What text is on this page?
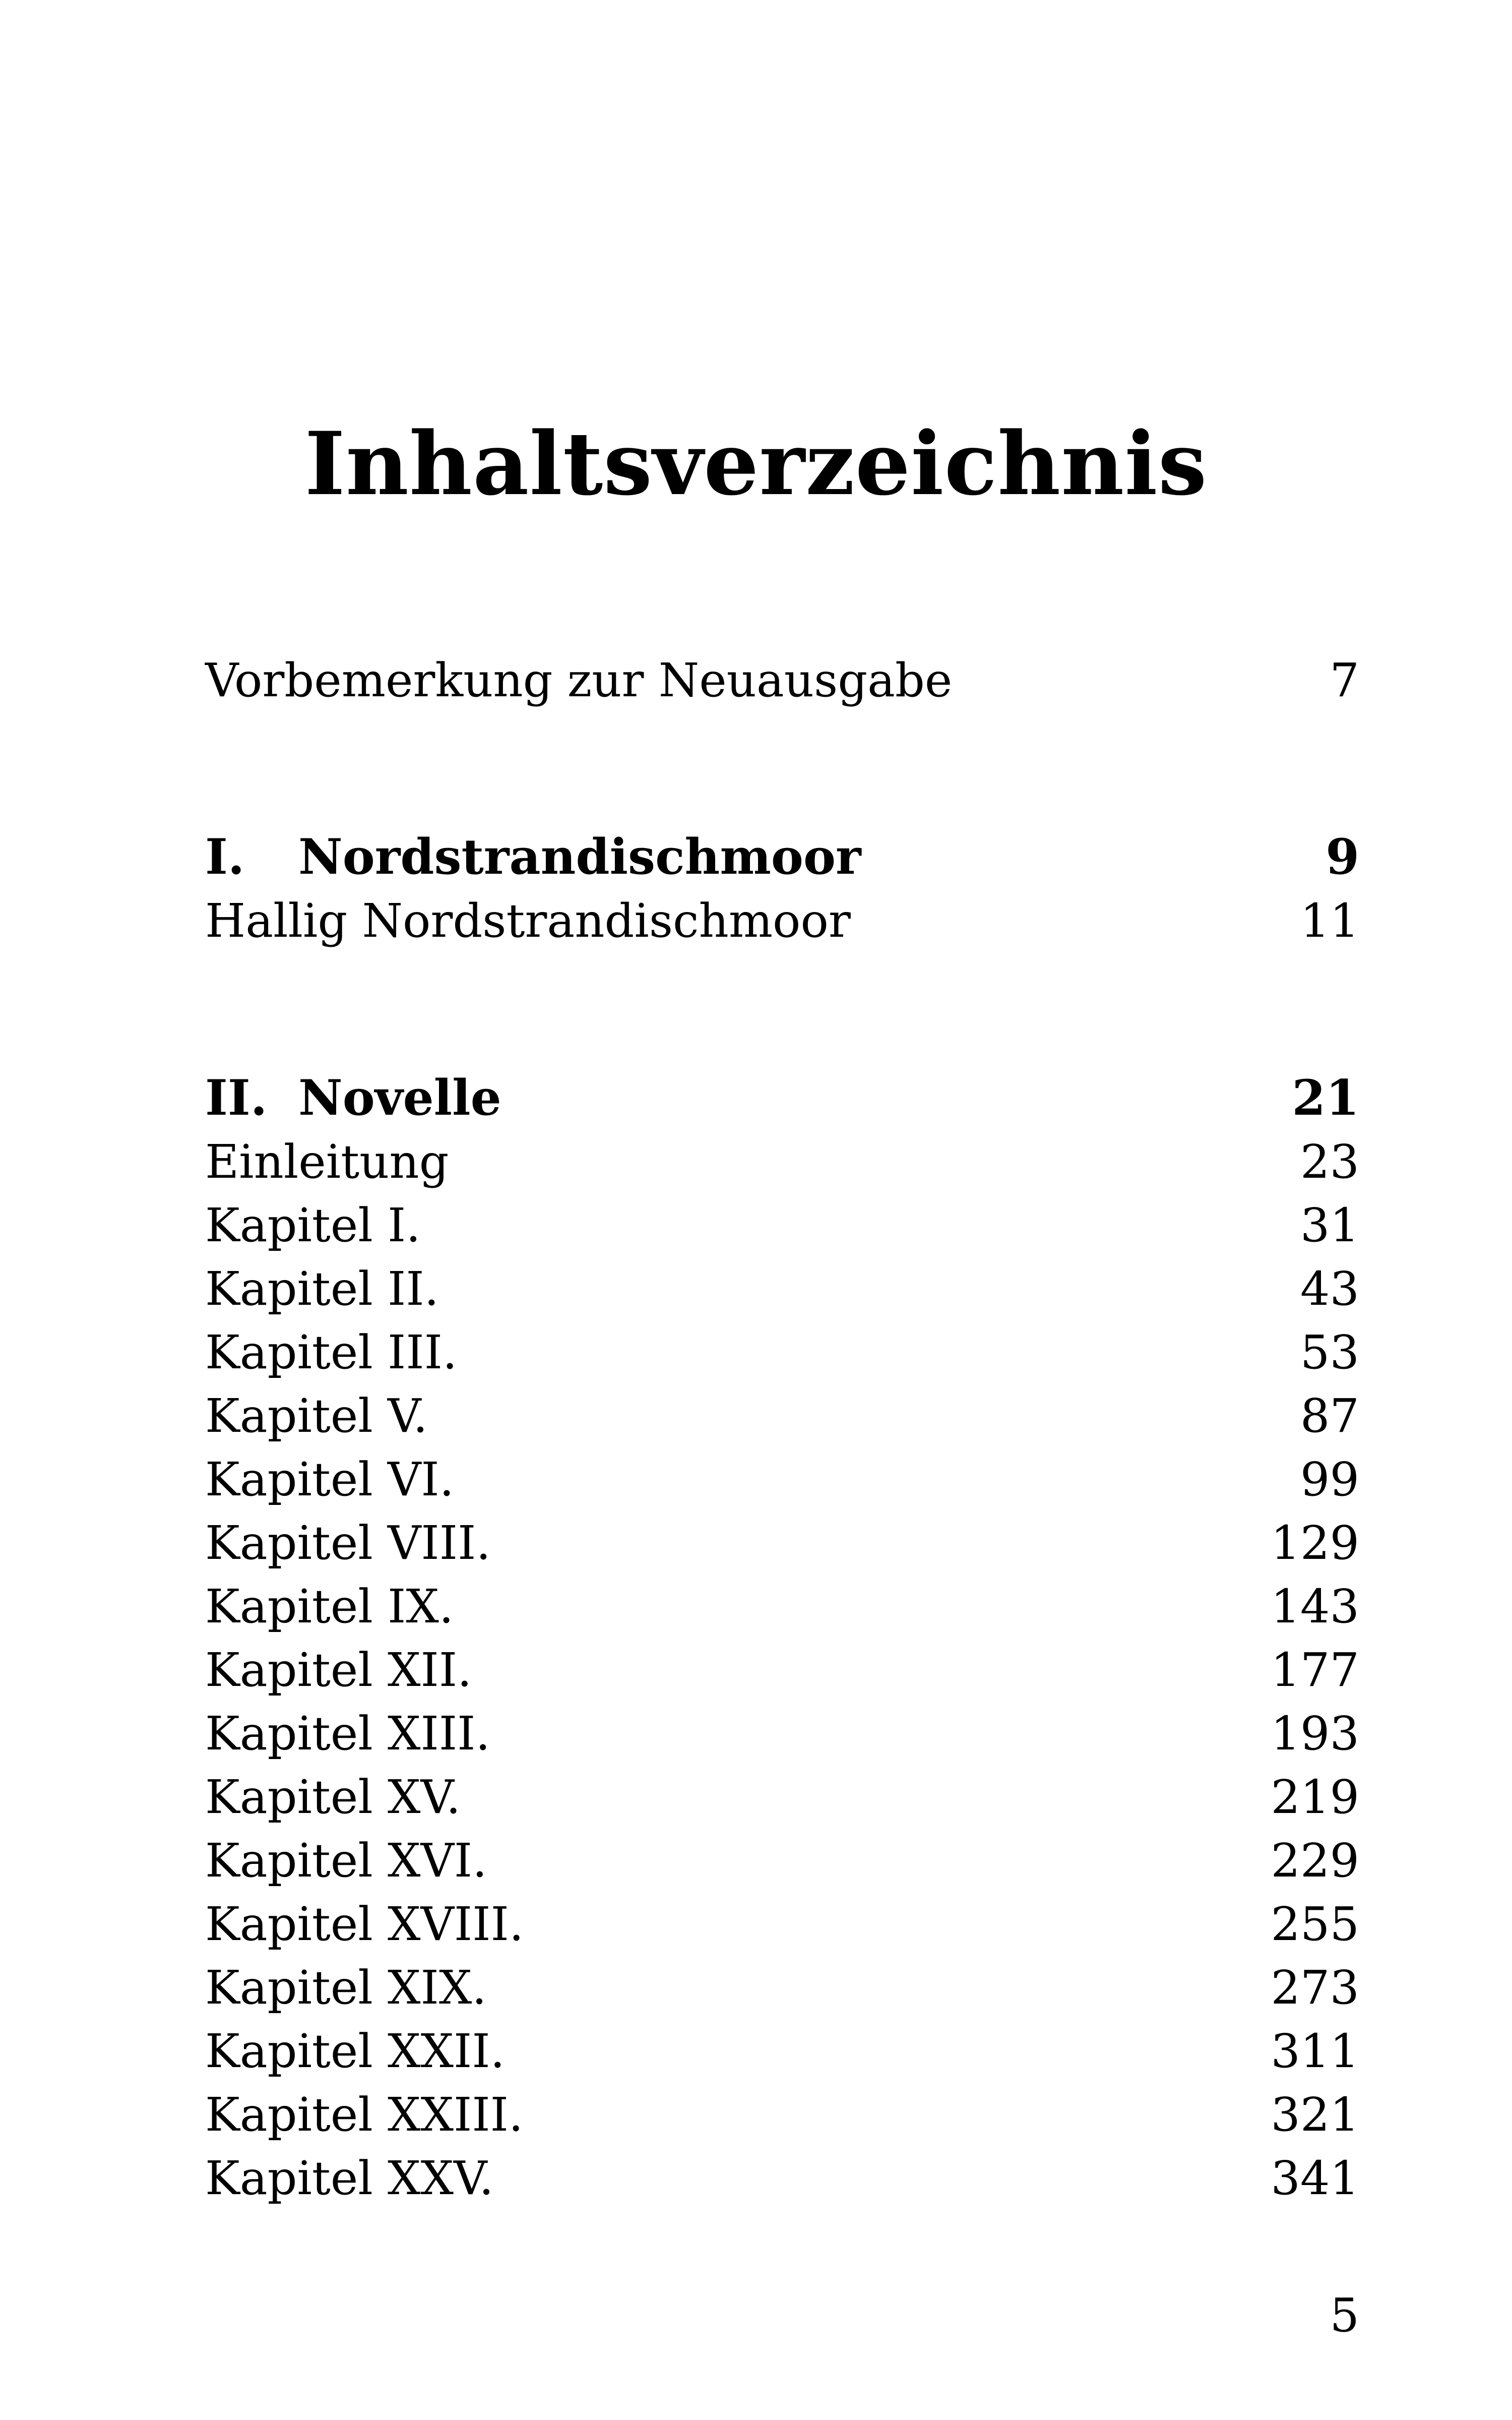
Inhaltsverzeichnis
Vorbemerkung zur Neuausgabe	7
I. Nordstrandischmoor	9
Hallig Nordstrandischmoor	11
II. Novelle	21
Einleitung	23
Kapitel I.	31
Kapitel II.	43
Kapitel III.	53
Kapitel V.	87
Kapitel VI.	99
Kapitel VIII.	129
Kapitel IX.	143
Kapitel XII.	177
Kapitel XIII.	193
Kapitel XV.	219
Kapitel XVI.	229
Kapitel XVIII.	255
Kapitel XIX.	273
Kapitel XXII.	311
Kapitel XXIII.	321
Kapitel XXV.	341
5
